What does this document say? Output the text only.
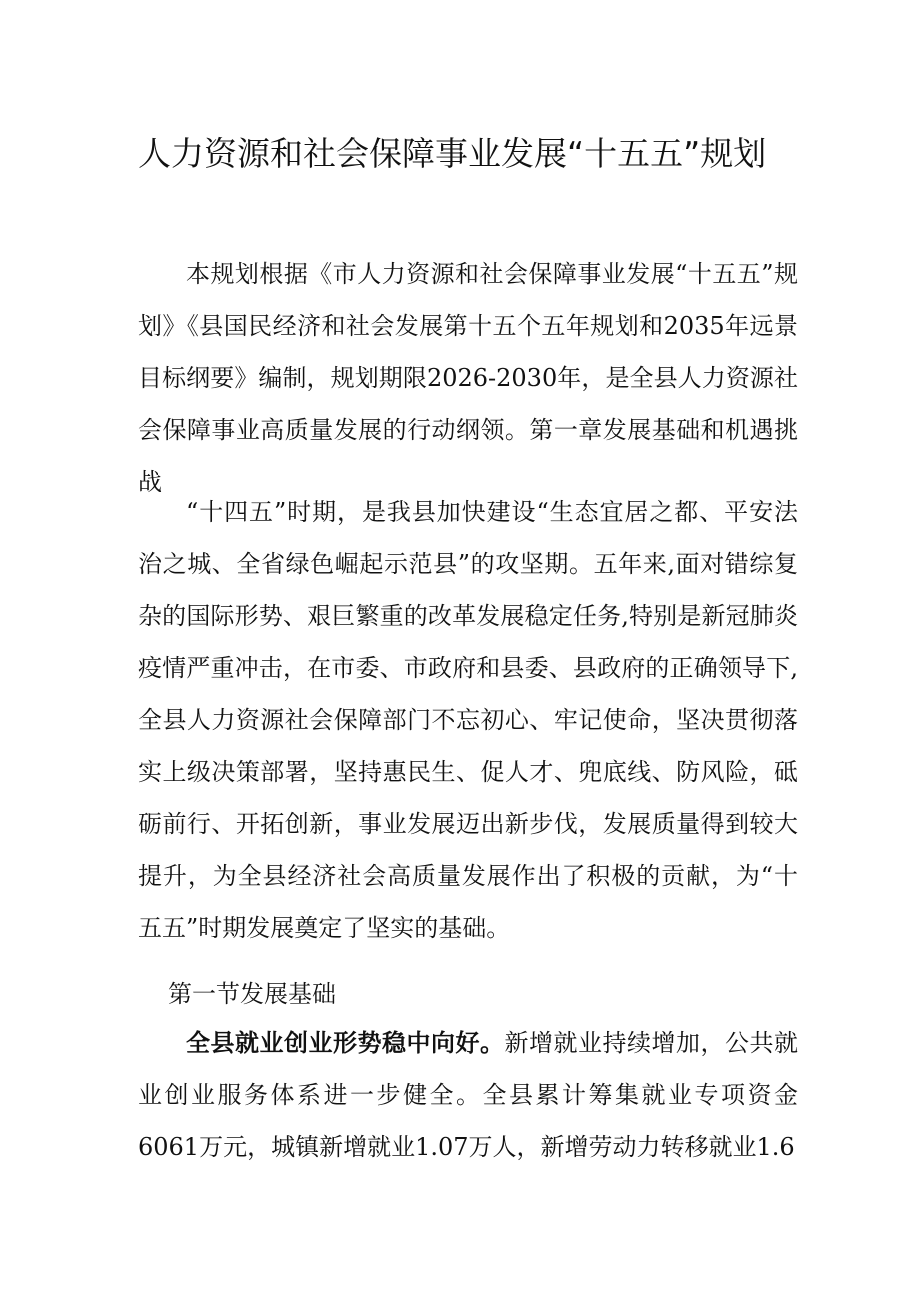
人力资源和社会保障事业发展“十五五”规划
本规划根据《市人力资源和社会保障事业发展“十五五”规划》《县国民经济和社会发展第十五个五年规划和2035年远景目标纲要》编制，规划期限2026-2030年，是全县人力资源社会保障事业高质量发展的行动纲领。第一章发展基础和机遇挑战
“十四五”时期，是我县加快建设“生态宜居之都、平安法治之城、全省绿色崛起示范县”的攻坚期。五年来,面对错综复杂的国际形势、艰巨繁重的改革发展稳定任务,特别是新冠肺炎疫情严重冲击，在市委、市政府和县委、县政府的正确领导下,全县人力资源社会保障部门不忘初心、牢记使命，坚决贯彻落实上级决策部署，坚持惠民生、促人才、兜底线、防风险，砥砺前行、开拓创新，事业发展迈出新步伐，发展质量得到较大提升，为全县经济社会高质量发展作出了积极的贡献，为“十五五”时期发展奠定了坚实的基础。
第一节发展基础
全县就业创业形势稳中向好。新增就业持续增加，公共就业创业服务体系进一步健全。全县累计筹集就业专项资金6061万元，城镇新增就业1.07万人，新增劳动力转移就业1.6
